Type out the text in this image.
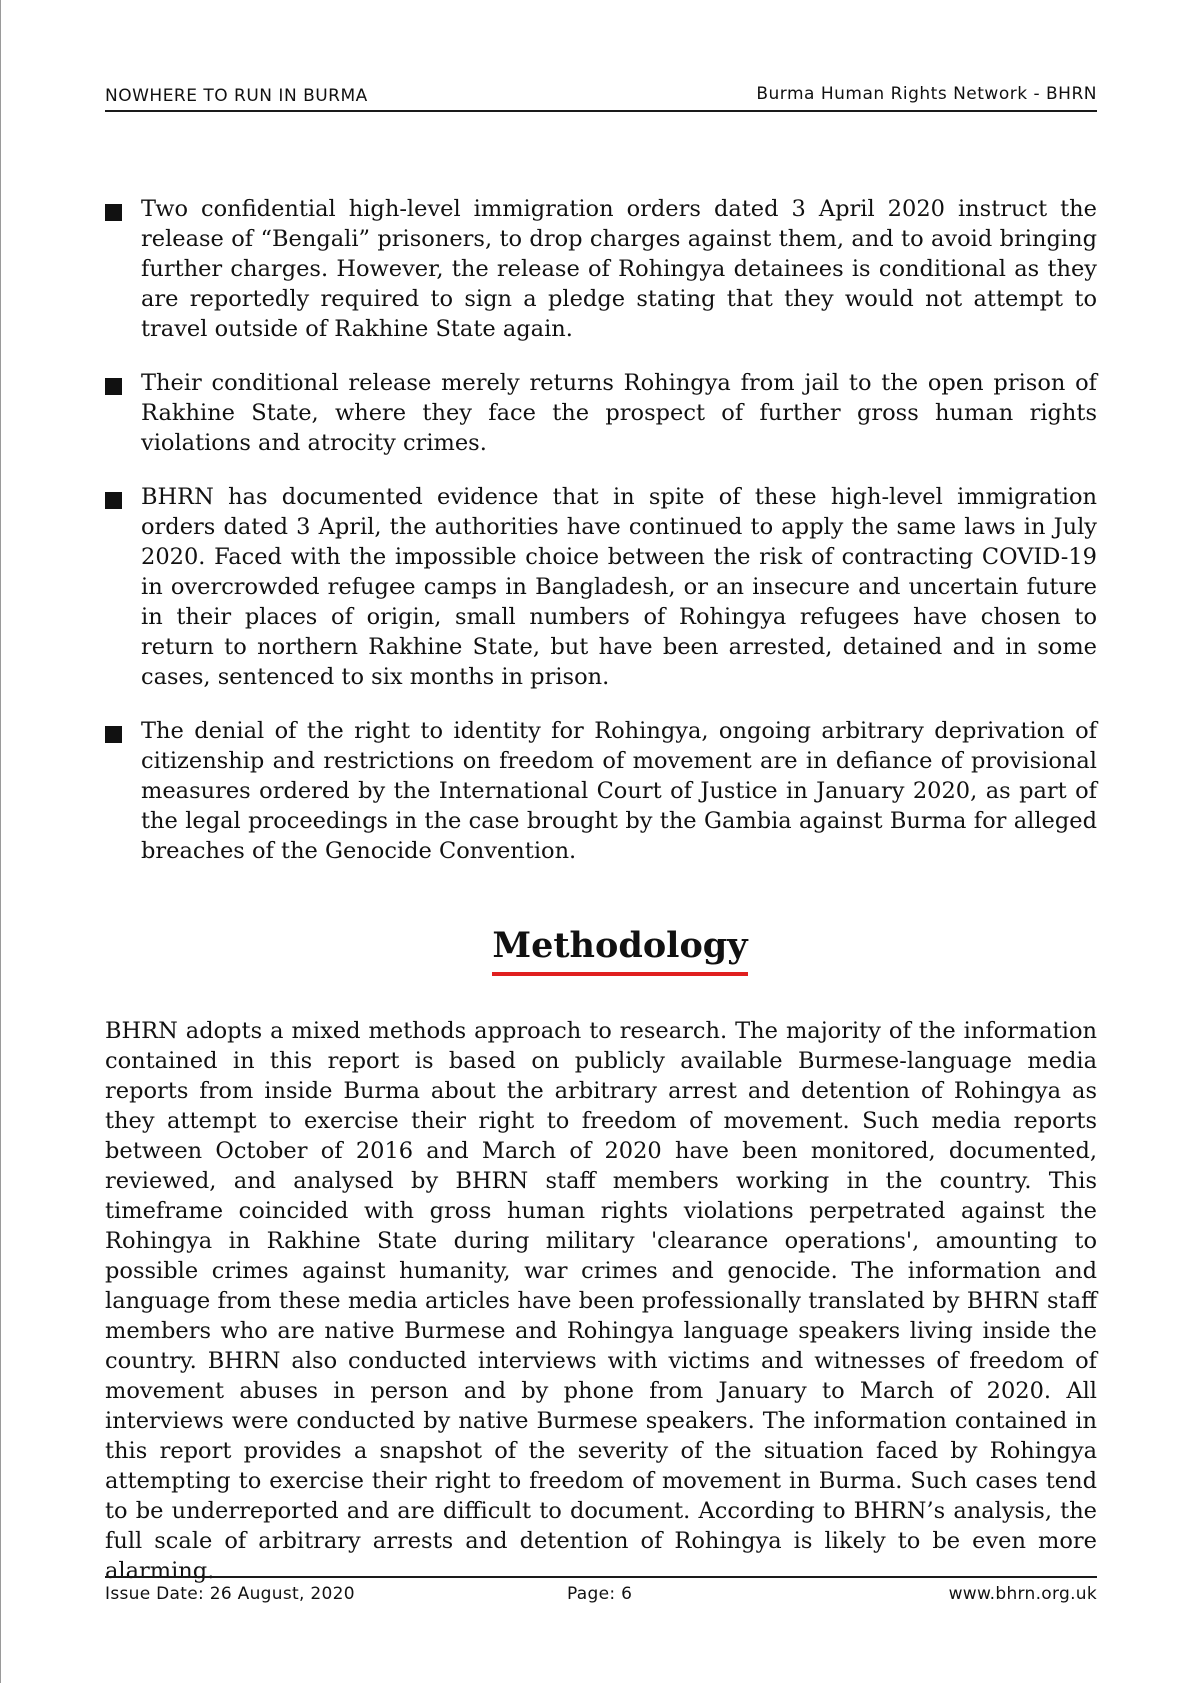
NOWHERE TO RUN IN BURMA	Burma Human Rights Network - BHRN
Two confidential high-level immigration orders dated 3 April 2020 instruct the release of “Bengali” prisoners, to drop charges against them, and to avoid bringing further charges. However, the release of Rohingya detainees is conditional as they are reportedly required to sign a pledge stating that they would not attempt to travel outside of Rakhine State again.
Their conditional release merely returns Rohingya from jail to the open prison of Rakhine State, where they face the prospect of further gross human rights violations and atrocity crimes.
BHRN has documented evidence that in spite of these high-level immigration orders dated 3 April, the authorities have continued to apply the same laws in July 2020. Faced with the impossible choice between the risk of contracting COVID-19 in overcrowded refugee camps in Bangladesh, or an insecure and uncertain future in their places of origin, small numbers of Rohingya refugees have chosen to return to northern Rakhine State, but have been arrested, detained and in some cases, sentenced to six months in prison.
The denial of the right to identity for Rohingya, ongoing arbitrary deprivation of citizenship and restrictions on freedom of movement are in defiance of provisional measures ordered by the International Court of Justice in January 2020, as part of the legal proceedings in the case brought by the Gambia against Burma for alleged breaches of the Genocide Convention.
Methodology

BHRN adopts a mixed methods approach to research. The majority of the information contained in this report is based on publicly available Burmese-language media reports from inside Burma about the arbitrary arrest and detention of Rohingya as they attempt to exercise their right to freedom of movement. Such media reports between October of 2016 and March of 2020 have been monitored, documented, reviewed, and analysed by BHRN staff members working in the country. This timeframe coincided with gross human rights violations perpetrated against the Rohingya in Rakhine State during military 'clearance operations', amounting to possible crimes against humanity, war crimes and genocide. The information and language from these media articles have been professionally translated by BHRN staff members who are native Burmese and Rohingya language speakers living inside the country. BHRN also conducted interviews with victims and witnesses of freedom of movement abuses in person and by phone from January to March of 2020. All interviews were conducted by native Burmese speakers. The information contained in this report provides a snapshot of the severity of the situation faced by Rohingya attempting to exercise their right to freedom of movement in Burma. Such cases tend to be underreported and are difficult to document. According to BHRN’s analysis, the full scale of arbitrary arrests and detention of Rohingya is likely to be even more alarming.

Issue Date: 26 August, 2020	Page: 6	www.bhrn.org.uk
